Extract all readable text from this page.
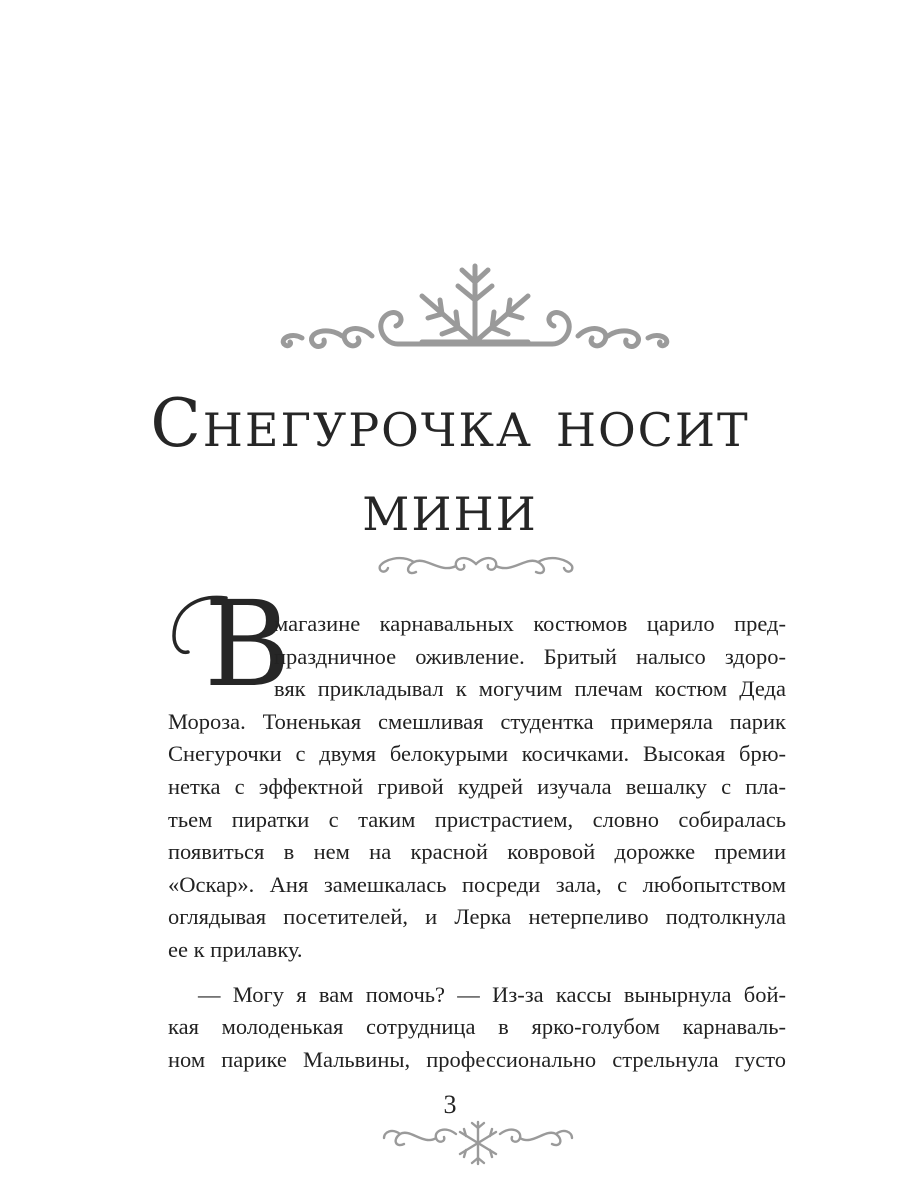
Снегурочка носит
мини
В

магазине карнавальных костюмов царило пред-
праздничное оживление. Бритый налысо здоро-
вяк прикладывал к могучим плечам костюм Деда
Мороза. Тоненькая смешливая студентка примеряла парик
Снегурочки с двумя белокурыми косичками. Высокая брю-
нетка с эффектной гривой кудрей изучала вешалку с пла-
тьем пиратки с таким пристрастием, словно собиралась
появиться в нем на красной ковровой дорожке премии
«Оскар». Аня замешкалась посреди зала, с любопытством
оглядывая посетителей, и Лерка нетерпеливо подтолкнула
ее к прилавку.

— Могу я вам помочь? — Из-за кассы вынырнула бой-
кая молоденькая сотрудница в ярко-голубом карнаваль-
ном парике Мальвины, профессионально стрельнула густо

3
